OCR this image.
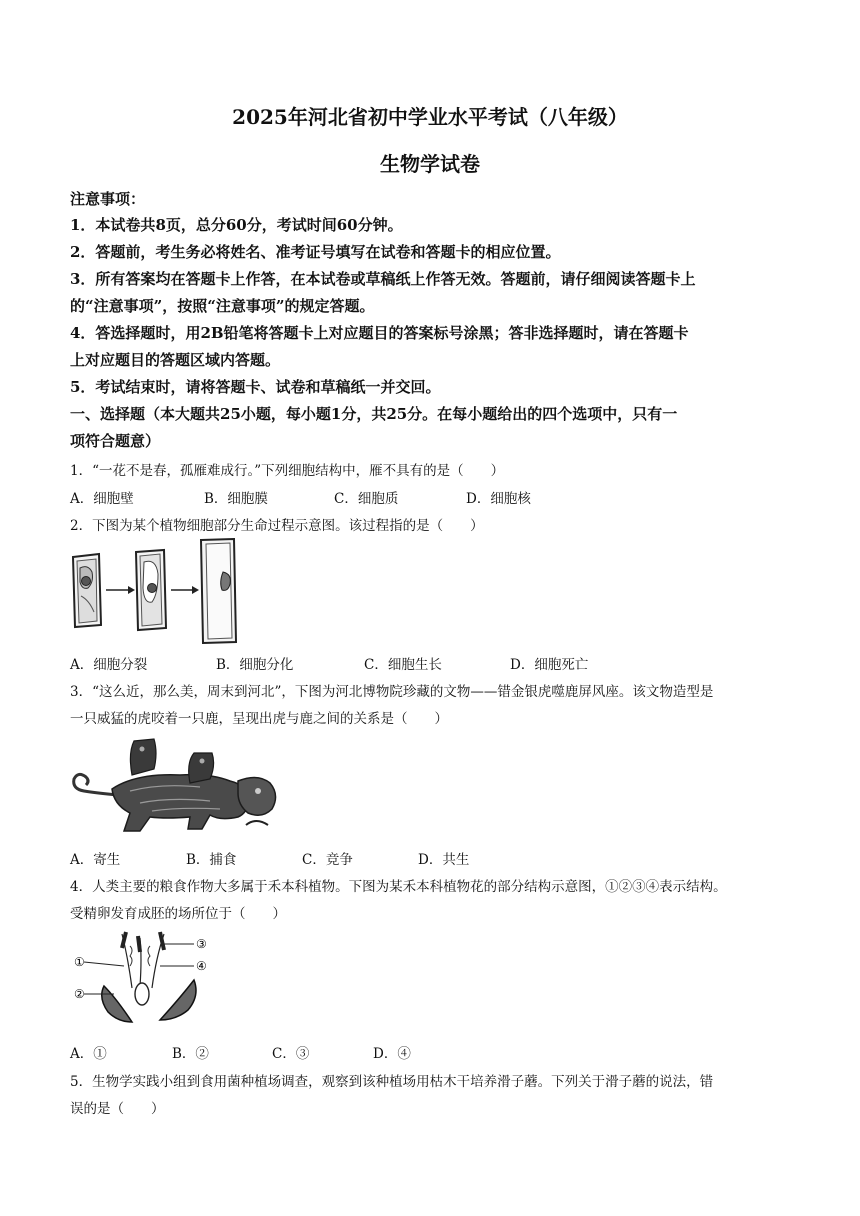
2025年河北省初中学业水平考试（八年级）
生物学试卷
注意事项：
1．本试卷共8页，总分60分，考试时间60分钟。
2．答题前，考生务必将姓名、准考证号填写在试卷和答题卡的相应位置。
3．所有答案均在答题卡上作答，在本试卷或草稿纸上作答无效。答题前，请仔细阅读答题卡上
的“注意事项”，按照“注意事项”的规定答题。
4．答选择题时，用2B铅笔将答题卡上对应题目的答案标号涂黑；答非选择题时，请在答题卡
上对应题目的答题区域内答题。
5．考试结束时，请将答题卡、试卷和草稿纸一并交回。
一、选择题（本大题共25小题，每小题1分，共25分。在每小题给出的四个选项中，只有一
项符合题意）
1．“一花不是春，孤雁难成行。”下列细胞结构中，雁不具有的是（　　）
A．细胞壁	B．细胞膜	C．细胞质	D．细胞核
2．下图为某个植物细胞部分生命过程示意图。该过程指的是（　　）
A．细胞分裂	B．细胞分化	C．细胞生长	D．细胞死亡
3．“这么近，那么美，周末到河北”，下图为河北博物院珍藏的文物——错金银虎噬鹿屏风座。该文物造型是
一只威猛的虎咬着一只鹿，呈现出虎与鹿之间的关系是（　　）
A．寄生	B．捕食	C．竞争	D．共生
4．人类主要的粮食作物大多属于禾本科植物。下图为某禾本科植物花的部分结构示意图，①②③④表示结构。
受精卵发育成胚的场所位于（　　）
①
②
③
④
A．①	B．②	C．③	D．④
5．生物学实践小组到食用菌种植场调查，观察到该种植场用枯木干培养滑子蘑。下列关于滑子蘑的说法，错
误的是（　　）
